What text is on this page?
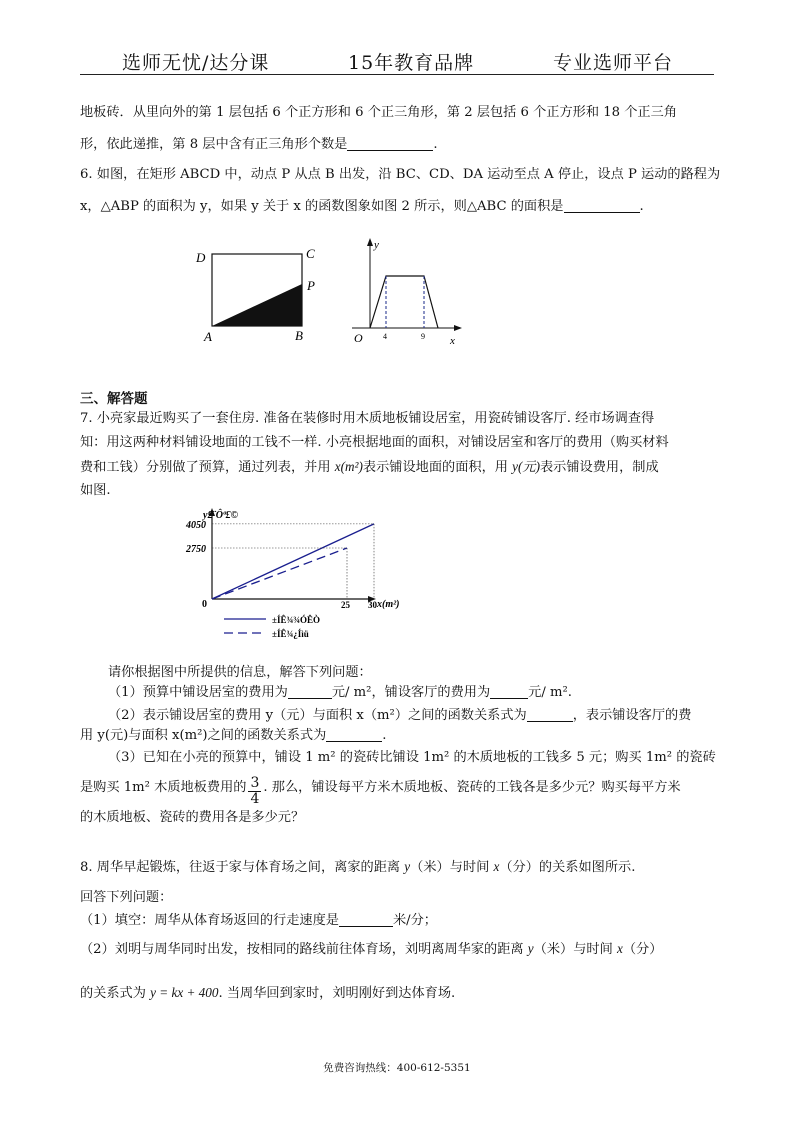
选师无忧/达分课	15年教育品牌	专业选师平台
地板砖．从里向外的第 1 层包括 6 个正方形和 6 个正三角形，第 2 层包括 6 个正方形和 18 个正三角
形，依此递推，第 8 层中含有正三角形个数是	.
6. 如图，在矩形 ABCD 中，动点 P 从点 B 出发，沿 BC、CD、DA 运动至点 A 停止，设点 P 运动的路程为
x，△ABP 的面积为 y，如果 y 关于 x 的函数图象如图 2 所示，则△ABC 的面积是	.
D	C
P
A	B
y
x
O	4	9
三、解答题
7. 小亮家最近购买了一套住房. 准备在装修时用木质地板铺设居室，用瓷砖铺设客厅. 经市场调查得
知：用这两种材料铺设地面的工钱不一样. 小亮根据地面的面积，对铺设居室和客厅的费用（购买材料
费和工钱）分别做了预算，通过列表，并用 x(m²)表示铺设地面的面积，用 y(元)表示铺设费用，制成
如图.
y£¨Ôª£©
x(m²)
0
4050
2750
25 30
±ÍÊ¾¾ÓÊÒ
±ÍÊ¾¿Íìü
请你根据图中所提供的信息，解答下列问题：
（1）预算中铺设居室的费用为	元/ m²，铺设客厅的费用为	元/ m².
（2）表示铺设居室的费用 y（元）与面积 x（m²）之间的函数关系式为	，表示铺设客厅的费
用 y(元)与面积 x(m²)之间的函数关系式为	.
（3）已知在小亮的预算中，铺设 1 m² 的瓷砖比铺设 1m² 的木质地板的工钱多 5 元；购买 1m² 的瓷砖
是购买 1m² 木质地板费用的 $\frac{3}{4}$ . 那么，铺设每平方米木质地板、瓷砖的工钱各是多少元？购买每平方米
的木质地板、瓷砖的费用各是多少元？
8. 周华早起锻炼，往返于家与体育场之间，离家的距离 y（米）与时间 x（分）的关系如图所示.
回答下列问题：
（1）填空：周华从体育场返回的行走速度是	米/分；
（2）刘明与周华同时出发，按相同的路线前往体育场，刘明离周华家的距离 y（米）与时间 x（分）
的关系式为 y = kx + 400. 当周华回到家时，刘明刚好到达体育场.
免费咨询热线：400-612-5351
